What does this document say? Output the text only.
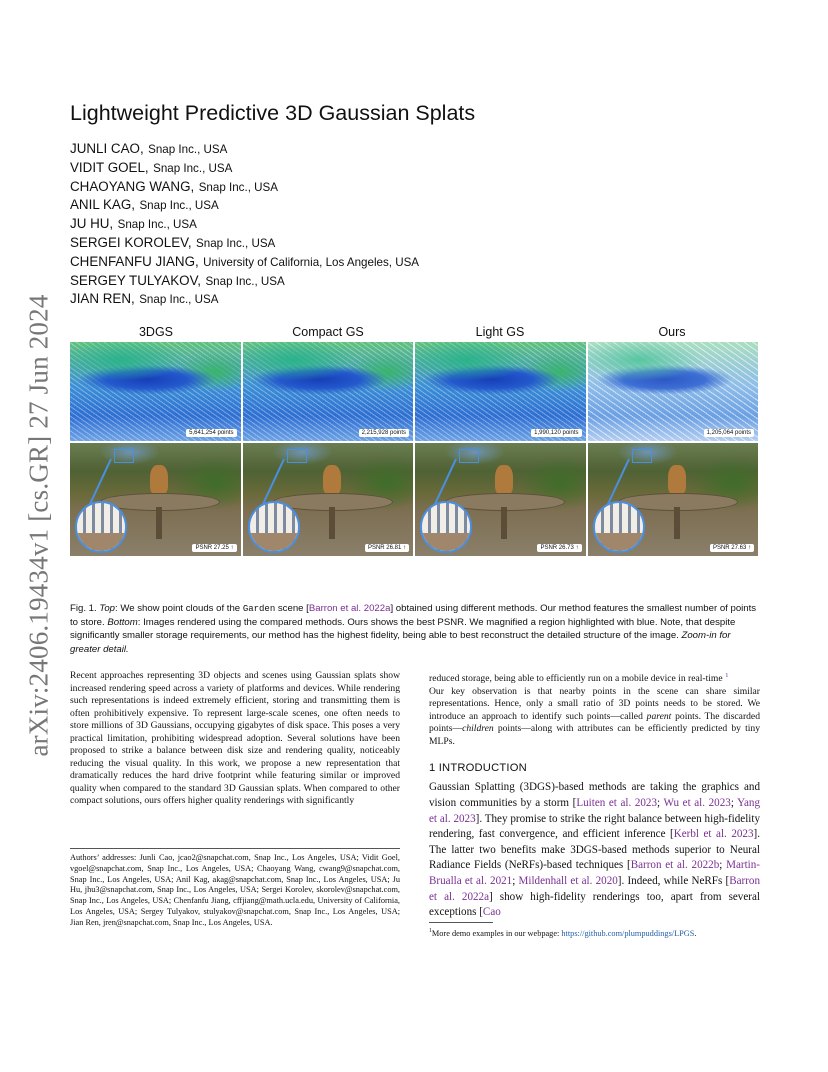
arXiv:2406.19434v1 [cs.GR] 27 Jun 2024
Lightweight Predictive 3D Gaussian Splats
JUNLI CAO, Snap Inc., USA
VIDIT GOEL, Snap Inc., USA
CHAOYANG WANG, Snap Inc., USA
ANIL KAG, Snap Inc., USA
JU HU, Snap Inc., USA
SERGEI KOROLEV, Snap Inc., USA
CHENFANFU JIANG, University of California, Los Angeles, USA
SERGEY TULYAKOV, Snap Inc., USA
JIAN REN, Snap Inc., USA
3DGS	Compact GS	Light GS	Ours
5,641,254 points
PSNR 27.25 ↑
2,215,928 points
PSNR 26.81 ↑
1,990,120 points
PSNR 26.73 ↑
1,205,064 points
PSNR 27.63 ↑

Fig. 1. Top: We show point clouds of the Garden scene [Barron et al. 2022a] obtained using different methods. Our method features the smallest number of points to store. Bottom: Images rendered using the compared methods. Ours shows the best PSNR. We magnified a region highlighted with blue. Note, that despite significantly smaller storage requirements, our method has the highest fidelity, being able to best reconstruct the detailed structure of the image. Zoom-in for greater detail.

Recent approaches representing 3D objects and scenes using Gaussian splats show increased rendering speed across a variety of platforms and devices. While rendering such representations is indeed extremely efficient, storing and transmitting them is often prohibitively expensive. To represent large-scale scenes, one often needs to store millions of 3D Gaussians, occupying gigabytes of disk space. This poses a very practical limitation, prohibiting widespread adoption. Several solutions have been proposed to strike a balance between disk size and rendering quality, noticeably reducing the visual quality. In this work, we propose a new representation that dramatically reduces the hard drive footprint while featuring similar or improved quality when compared to the standard 3D Gaussian splats. When compared to other compact solutions, ours offers higher quality renderings with significantly

Authors’ addresses: Junli Cao, jcao2@snapchat.com, Snap Inc., Los Angeles, USA; Vidit Goel, vgoel@snapchat.com, Snap Inc., Los Angeles, USA; Chaoyang Wang, cwang9@snapchat.com, Snap Inc., Los Angeles, USA; Anil Kag, akag@snapchat.com, Snap Inc., Los Angeles, USA; Ju Hu, jhu3@snapchat.com, Snap Inc., Los Angeles, USA; Sergei Korolev, skorolev@snapchat.com, Snap Inc., Los Angeles, USA; Chenfanfu Jiang, cffjiang@math.ucla.edu, University of California, Los Angeles, USA; Sergey Tulyakov, stulyakov@snapchat.com, Snap Inc., Los Angeles, USA; Jian Ren, jren@snapchat.com, Snap Inc., Los Angeles, USA.

reduced storage, being able to efficiently run on a mobile device in real-time $^1$
Our key observation is that nearby points in the scene can share similar representations. Hence, only a small ratio of 3D points needs to be stored. We introduce an approach to identify such points—called parent points. The discarded points—children points—along with attributes can be efficiently predicted by tiny MLPs.

1 INTRODUCTION

Gaussian Splatting (3DGS)-based methods are taking the graphics and vision communities by a storm [Luiten et al. 2023; Wu et al. 2023; Yang et al. 2023]. They promise to strike the right balance between high-fidelity rendering, fast convergence, and efficient inference [Kerbl et al. 2023]. The latter two benefits make 3DGS-based methods superior to Neural Radiance Fields (NeRFs)-based techniques [Barron et al. 2022b; Martin-Brualla et al. 2021; Mildenhall et al. 2020]. Indeed, while NeRFs [Barron et al. 2022a] show high-fidelity renderings too, apart from several exceptions [Cao

$^1$More demo examples in our webpage: https://github.com/plumpuddings/LPGS.
